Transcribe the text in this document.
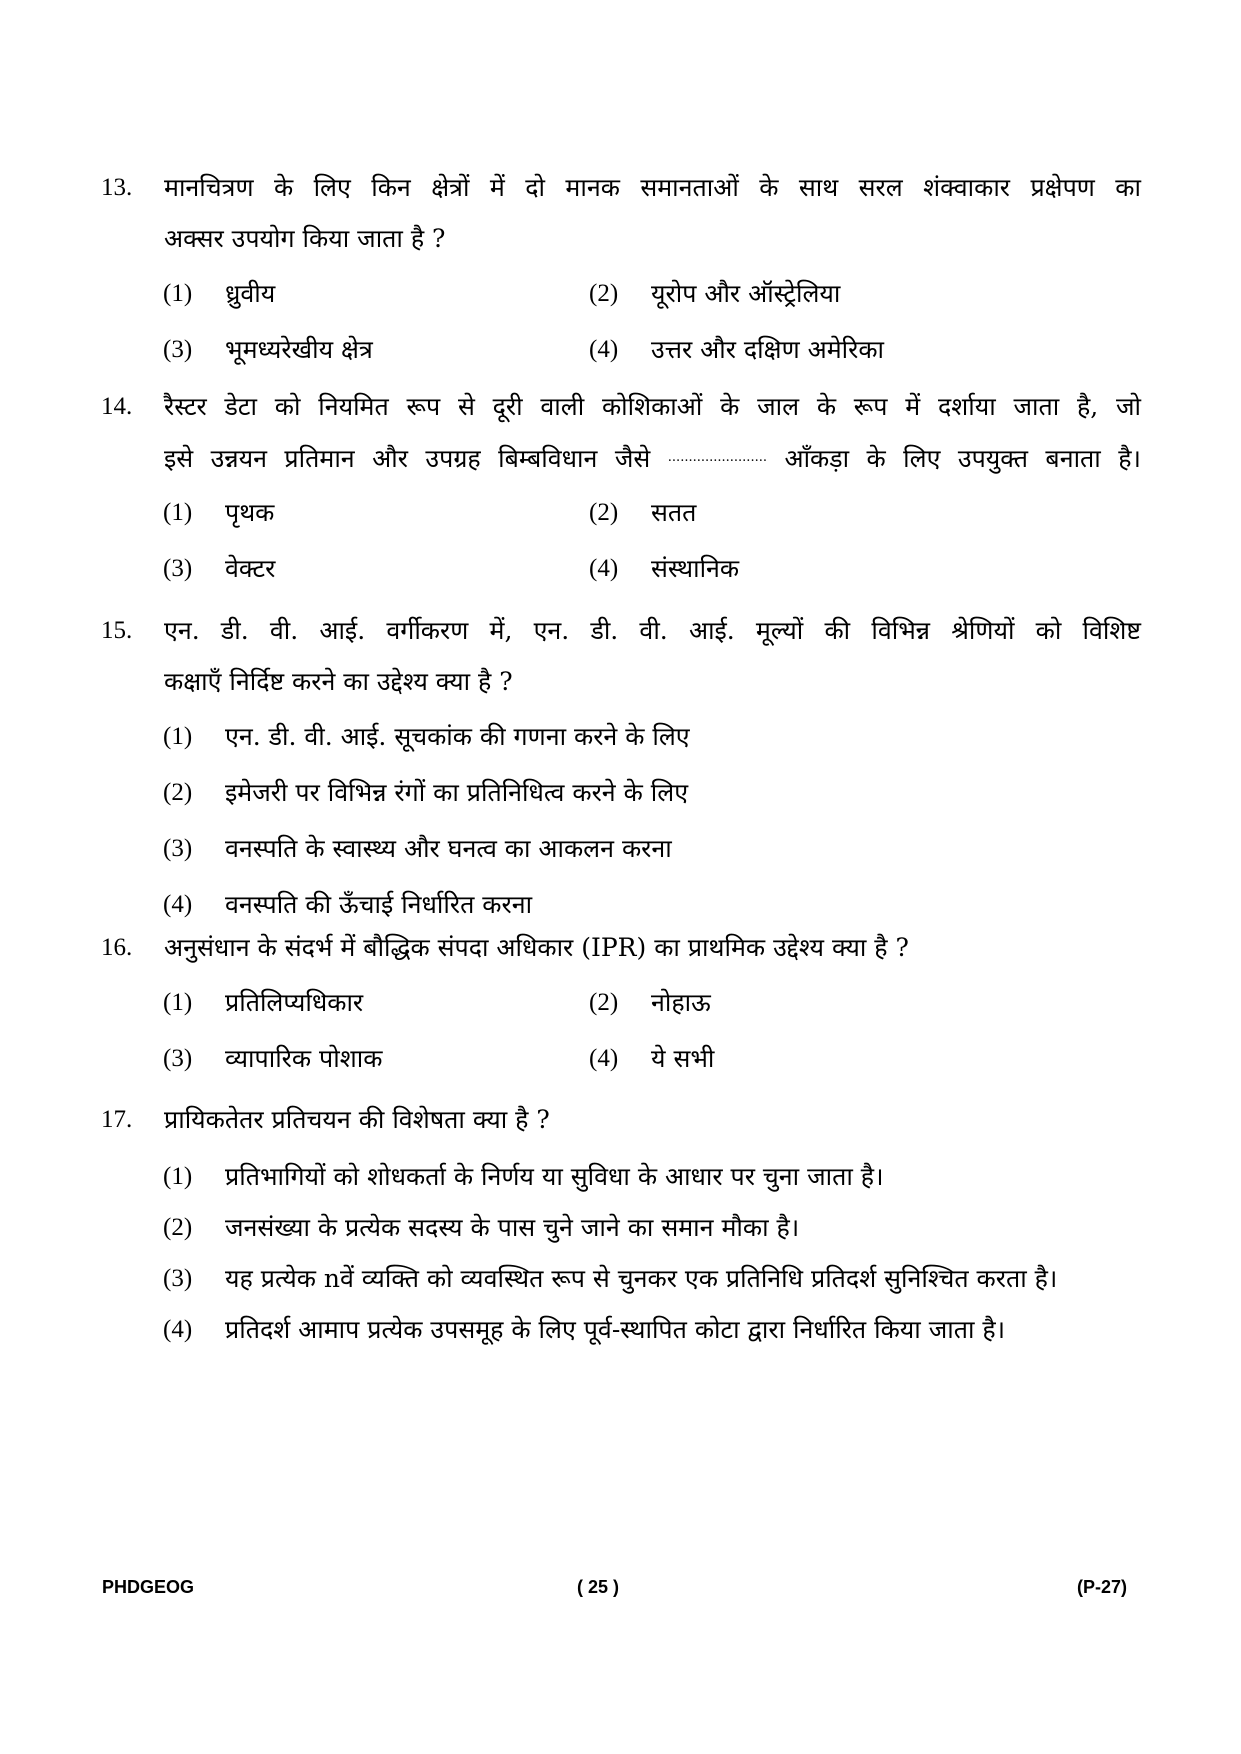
13.	मानचित्रण के लिए किन क्षेत्रों में दो मानक समानताओं के साथ सरल शंक्वाकार प्रक्षेपण का
अक्सर उपयोग किया जाता है ?
(1) ध्रुवीय	(2) यूरोप और ऑस्ट्रेलिया
(3) भूमध्यरेखीय क्षेत्र	(4) उत्तर और दक्षिण अमेरिका
14.	रैस्टर डेटा को नियमित रूप से दूरी वाली कोशिकाओं के जाल के रूप में दर्शाया जाता है, जो
इसे उन्नयन प्रतिमान और उपग्रह बिम्बविधान जैसे ........................ आँकड़ा के लिए उपयुक्त बनाता है।
(1) पृथक	(2) सतत
(3) वेक्टर	(4) संस्थानिक
15.	एन. डी. वी. आई. वर्गीकरण में, एन. डी. वी. आई. मूल्यों की विभिन्न श्रेणियों को विशिष्ट
कक्षाएँ निर्दिष्ट करने का उद्देश्य क्या है ?
(1) एन. डी. वी. आई. सूचकांक की गणना करने के लिए
(2) इमेजरी पर विभिन्न रंगों का प्रतिनिधित्व करने के लिए
(3) वनस्पति के स्वास्थ्य और घनत्व का आकलन करना
(4) वनस्पति की ऊँचाई निर्धारित करना
16.	अनुसंधान के संदर्भ में बौद्धिक संपदा अधिकार (IPR) का प्राथमिक उद्देश्य क्या है ?
(1) प्रतिलिप्यधिकार	(2) नोहाऊ
(3) व्यापारिक पोशाक	(4) ये सभी
17.	प्रायिकतेतर प्रतिचयन की विशेषता क्या है ?
(1) प्रतिभागियों को शोधकर्ता के निर्णय या सुविधा के आधार पर चुना जाता है।
(2) जनसंख्या के प्रत्येक सदस्य के पास चुने जाने का समान मौका है।
(3) यह प्रत्येक nवें व्यक्ति को व्यवस्थित रूप से चुनकर एक प्रतिनिधि प्रतिदर्श सुनिश्चित करता है।
(4) प्रतिदर्श आमाप प्रत्येक उपसमूह के लिए पूर्व-स्थापित कोटा द्वारा निर्धारित किया जाता है।
PHDGEOG	( 25 )	(P-27)
